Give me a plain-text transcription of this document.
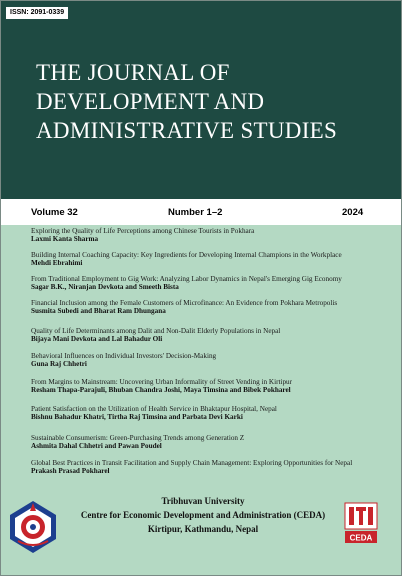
ISSN: 2091-0339
THE JOURNAL OF
DEVELOPMENT AND
ADMINISTRATIVE STUDIES
Volume 32	Number 1–2	2024
Exploring the Quality of Life Perceptions among Chinese Tourists in Pokhara
Laxmi Kanta Sharma
Building Internal Coaching Capacity: Key Ingredients for Developing Internal Champions in the Workplace
Mehdi Ebrahimi
From Traditional Employment to Gig Work: Analyzing Labor Dynamics in Nepal's Emerging Gig Economy
Sagar B.K., Niranjan Devkota and Smeeth Bista
Financial Inclusion among the Female Customers of Microfinance: An Evidence from Pokhara Metropolis
Susmita Subedi and Bharat Ram Dhungana
Quality of Life Determinants among Dalit and Non-Dalit Elderly Populations in Nepal
Bijaya Mani Devkota and Lal Bahadur Oli
Behavioral Influences on Individual Investors' Decision-Making
Guna Raj Chhetri
From Margins to Mainstream: Uncovering Urban Informality of Street Vending in Kirtipur
Resham Thapa-Parajuli, Bhuban Chandra Joshi, Maya Timsina and Bibek Pokharel
Patient Satisfaction on the Utilization of Health Service in Bhaktapur Hospital, Nepal
Bishnu Bahadur Khatri, Tirtha Raj Timsina and Parbata Devi Karki
Sustainable Consumerism: Green-Purchasing Trends among Generation Z
Ashmita Dahal Chhetri and Pawan Poudel
Global Best Practices in Transit Facilitation and Supply Chain Management: Exploring Opportunities for Nepal
Prakash Prasad Pokharel
Tribhuvan University
Centre for Economic Development and Administration (CEDA)
Kirtipur, Kathmandu, Nepal
CEDA
